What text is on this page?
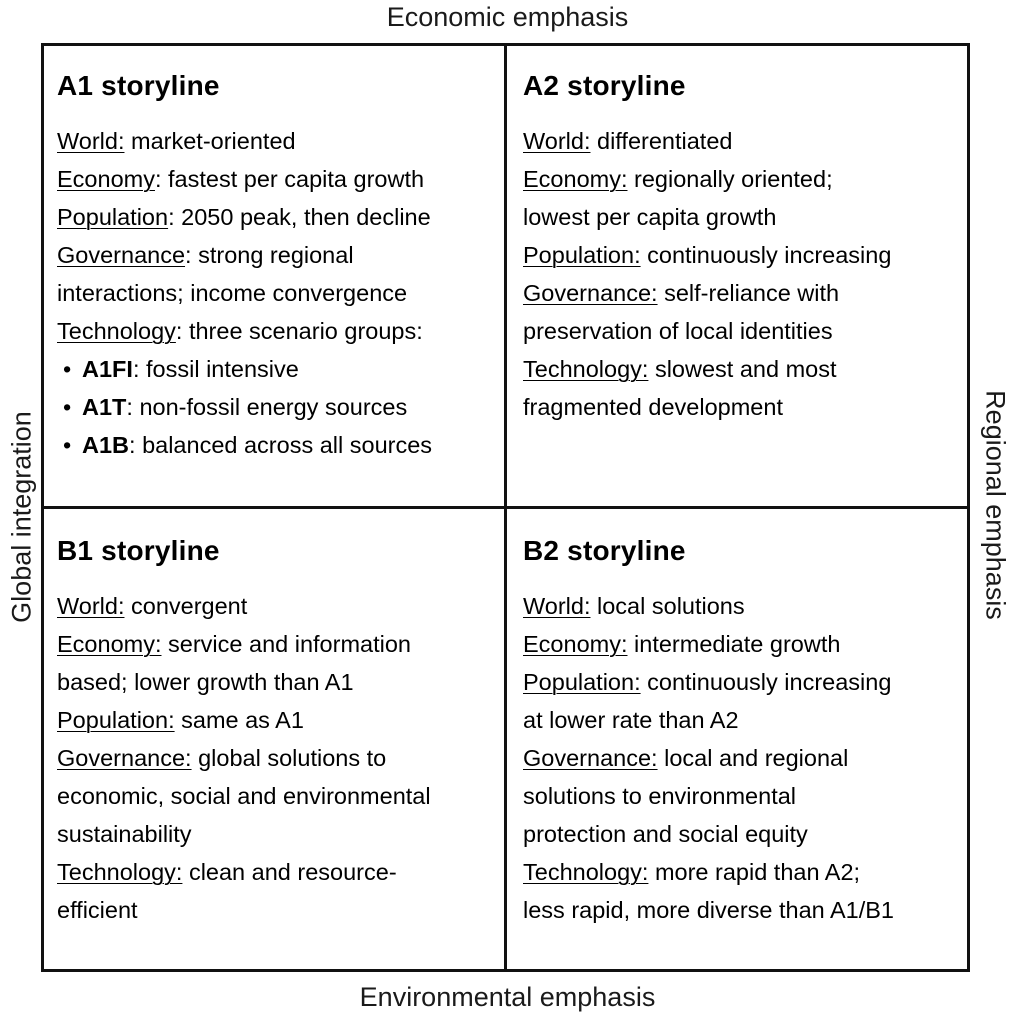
Economic emphasis
Environmental emphasis
Global integration	Regional emphasis
A1 storyline
World: market-oriented
Economy: fastest per capita growth
Population: 2050 peak, then decline
Governance: strong regional
interactions; income convergence
Technology: three scenario groups:
• A1FI: fossil intensive
• A1T: non-fossil energy sources
• A1B: balanced across all sources
A2 storyline
World: differentiated
Economy: regionally oriented;
lowest per capita growth
Population: continuously increasing
Governance: self-reliance with
preservation of local identities
Technology: slowest and most
fragmented development
B1 storyline
World: convergent
Economy: service and information
based; lower growth than A1
Population: same as A1
Governance: global solutions to
economic, social and environmental
sustainability
Technology: clean and resource-
efficient
B2 storyline
World: local solutions
Economy: intermediate growth
Population: continuously increasing
at lower rate than A2
Governance: local and regional
solutions to environmental
protection and social equity
Technology: more rapid than A2;
less rapid, more diverse than A1/B1
